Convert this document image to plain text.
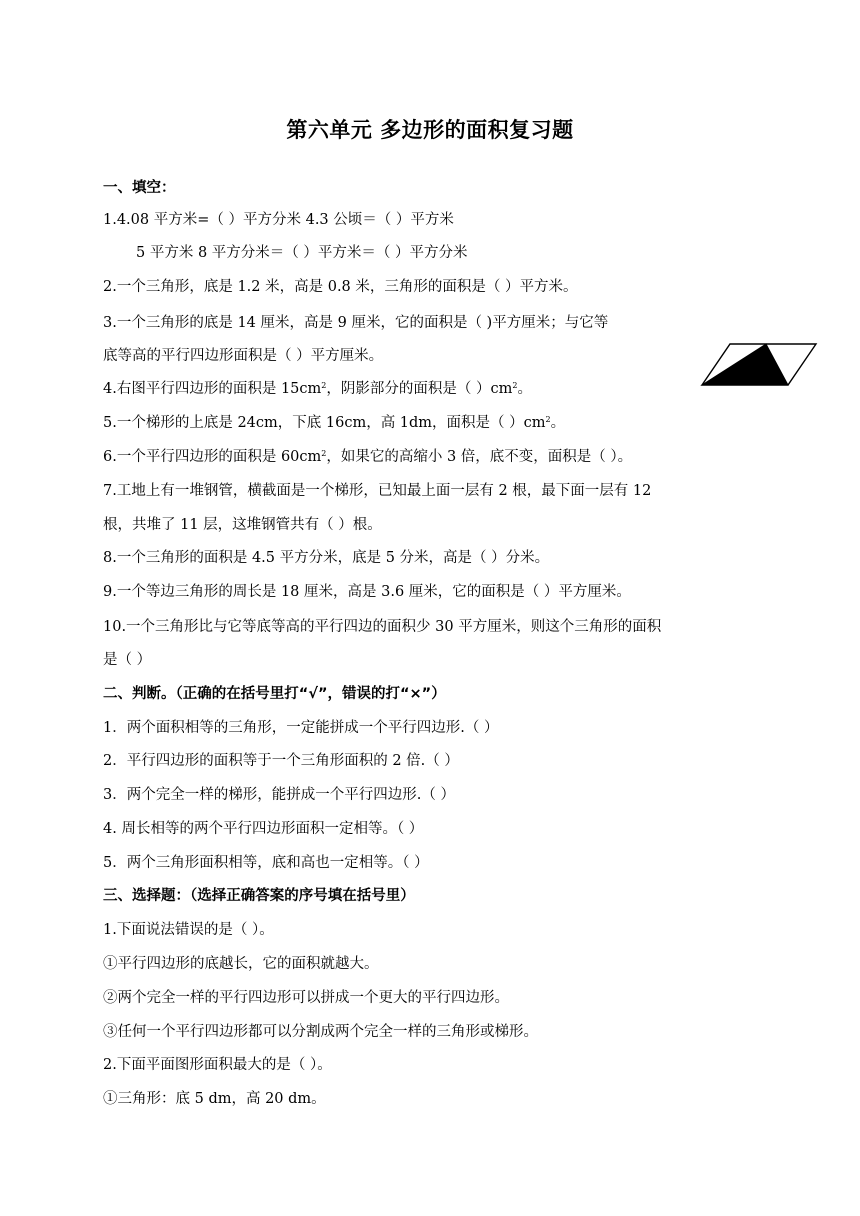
第六单元 多边形的面积复习题
一、填空：
1.4.08 平方米=（ ）平方分米 4.3 公顷＝（ ）平方米
5 平方米 8 平方分米＝（ ）平方米＝（ ）平方分米
2.一个三角形，底是 1.2 米，高是 0.8 米，三角形的面积是（ ）平方米。
3.一个三角形的底是 14 厘米，高是 9 厘米，它的面积是（ )平方厘米；与它等
底等高的平行四边形面积是（ ）平方厘米。
4.右图平行四边形的面积是 $15cm^2$，阴影部分的面积是（ ）$cm^2$。
5.一个梯形的上底是 24cm，下底 16cm，高 1dm，面积是（ ）$cm^2$。
6.一个平行四边形的面积是 $60cm^2$，如果它的高缩小 3 倍，底不变，面积是（ ）。
7.工地上有一堆钢管，横截面是一个梯形，已知最上面一层有 2 根，最下面一层有 12
根，共堆了 11 层，这堆钢管共有（ ）根。
8.一个三角形的面积是 4.5 平方分米，底是 5 分米，高是（ ）分米。
9.一个等边三角形的周长是 18 厘米，高是 3.6 厘米，它的面积是（ ）平方厘米。
10.一个三角形比与它等底等高的平行四边的面积少 30 平方厘米，则这个三角形的面积
是（ ）
二、判断。（正确的在括号里打“√”，错误的打“×”）
1．两个面积相等的三角形，一定能拼成一个平行四边形.（ ）
2．平行四边形的面积等于一个三角形面积的 2 倍.（ ）
3．两个完全一样的梯形，能拼成一个平行四边形.（ ）
4. 周长相等的两个平行四边形面积一定相等。（ ）
5．两个三角形面积相等，底和高也一定相等。（ ）
三、选择题：（选择正确答案的序号填在括号里）
1.下面说法错误的是（ ）。
①平行四边形的底越长，它的面积就越大。
②两个完全一样的平行四边形可以拼成一个更大的平行四边形。
③任何一个平行四边形都可以分割成两个完全一样的三角形或梯形。
2.下面平面图形面积最大的是（ ）。
①三角形：底 5 dm，高 20 dm。
